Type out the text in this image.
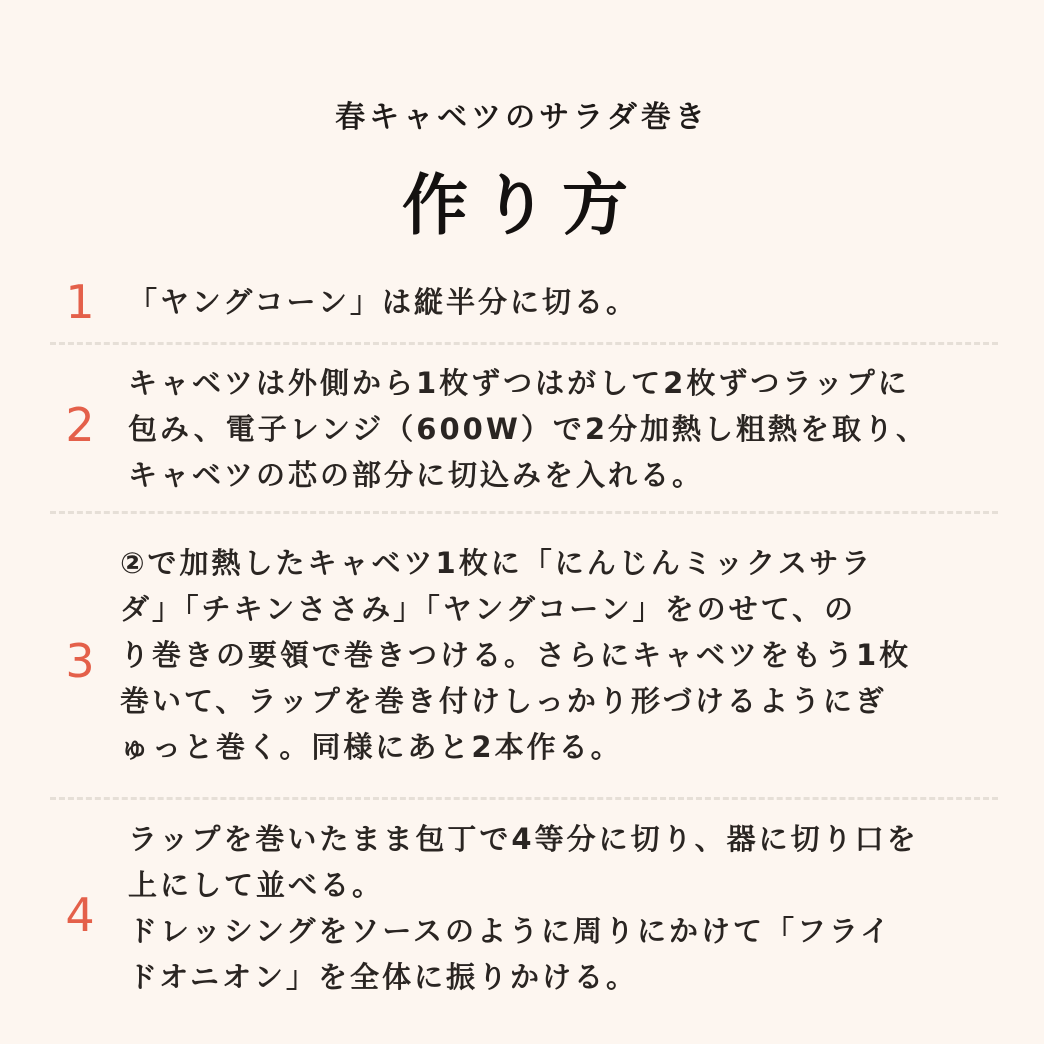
春キャベツのサラダ巻き
作り方
1 「ヤングコーン」は縦半分に切る。
2
キャベツは外側から1枚ずつはがして2枚ずつラップに
包み、電子レンジ（600W）で2分加熱し粗熱を取り、
キャベツの芯の部分に切込みを入れる。
3
②で加熱したキャベツ1枚に「にんじんミックスサラ
ダ」「チキンささみ」「ヤングコーン」をのせて、の
り巻きの要領で巻きつける。さらにキャベツをもう1枚
巻いて、ラップを巻き付けしっかり形づけるようにぎ
ゅっと巻く。同様にあと2本作る。
4
ラップを巻いたまま包丁で4等分に切り、器に切り口を
上にして並べる。
ドレッシングをソースのように周りにかけて「フライ
ドオニオン」を全体に振りかける。
